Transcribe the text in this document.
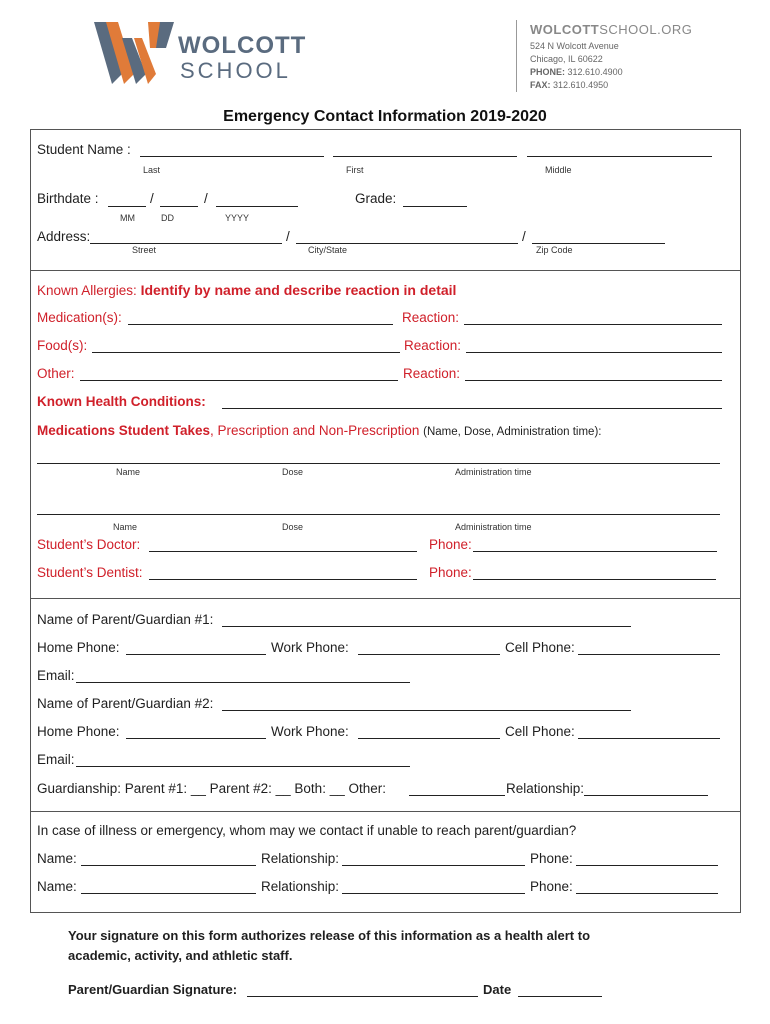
WOLCOTT
SCHOOL
WOLCOTTSCHOOL.ORG
524 N Wolcott Avenue
Chicago, IL 60622
PHONE: 312.610.4900
FAX: 312.610.4950
Emergency Contact Information 2019-2020
Student Name :
Last	First	Middle
Birthdate :	/	/
MM	DD	YYYY
Grade:
Address:	/	/
Street	City/State	Zip Code
Known Allergies: Identify by name and describe reaction in detail
Medication(s):	Reaction:
Food(s):	Reaction:
Other:	Reaction:
Known Health Conditions:
Medications Student Takes, Prescription and Non-Prescription (Name, Dose, Administration time):
Name	Dose	Administration time
Name	Dose	Administration time
Student’s Doctor:	Phone:
Student’s Dentist:	Phone:
Name of Parent/Guardian #1:
Home Phone:	Work Phone:	Cell Phone:
Email:
Name of Parent/Guardian #2:
Home Phone:	Work Phone:	Cell Phone:
Email:
Guardianship: Parent #1: __ Parent #2: __ Both: __ Other:	Relationship:
In case of illness or emergency, whom may we contact if unable to reach parent/guardian?
Name:	Relationship:	Phone:
Name:	Relationship:	Phone:
Your signature on this form authorizes release of this information as a health alert to
academic, activity, and athletic staff.
Parent/Guardian Signature:	Date
